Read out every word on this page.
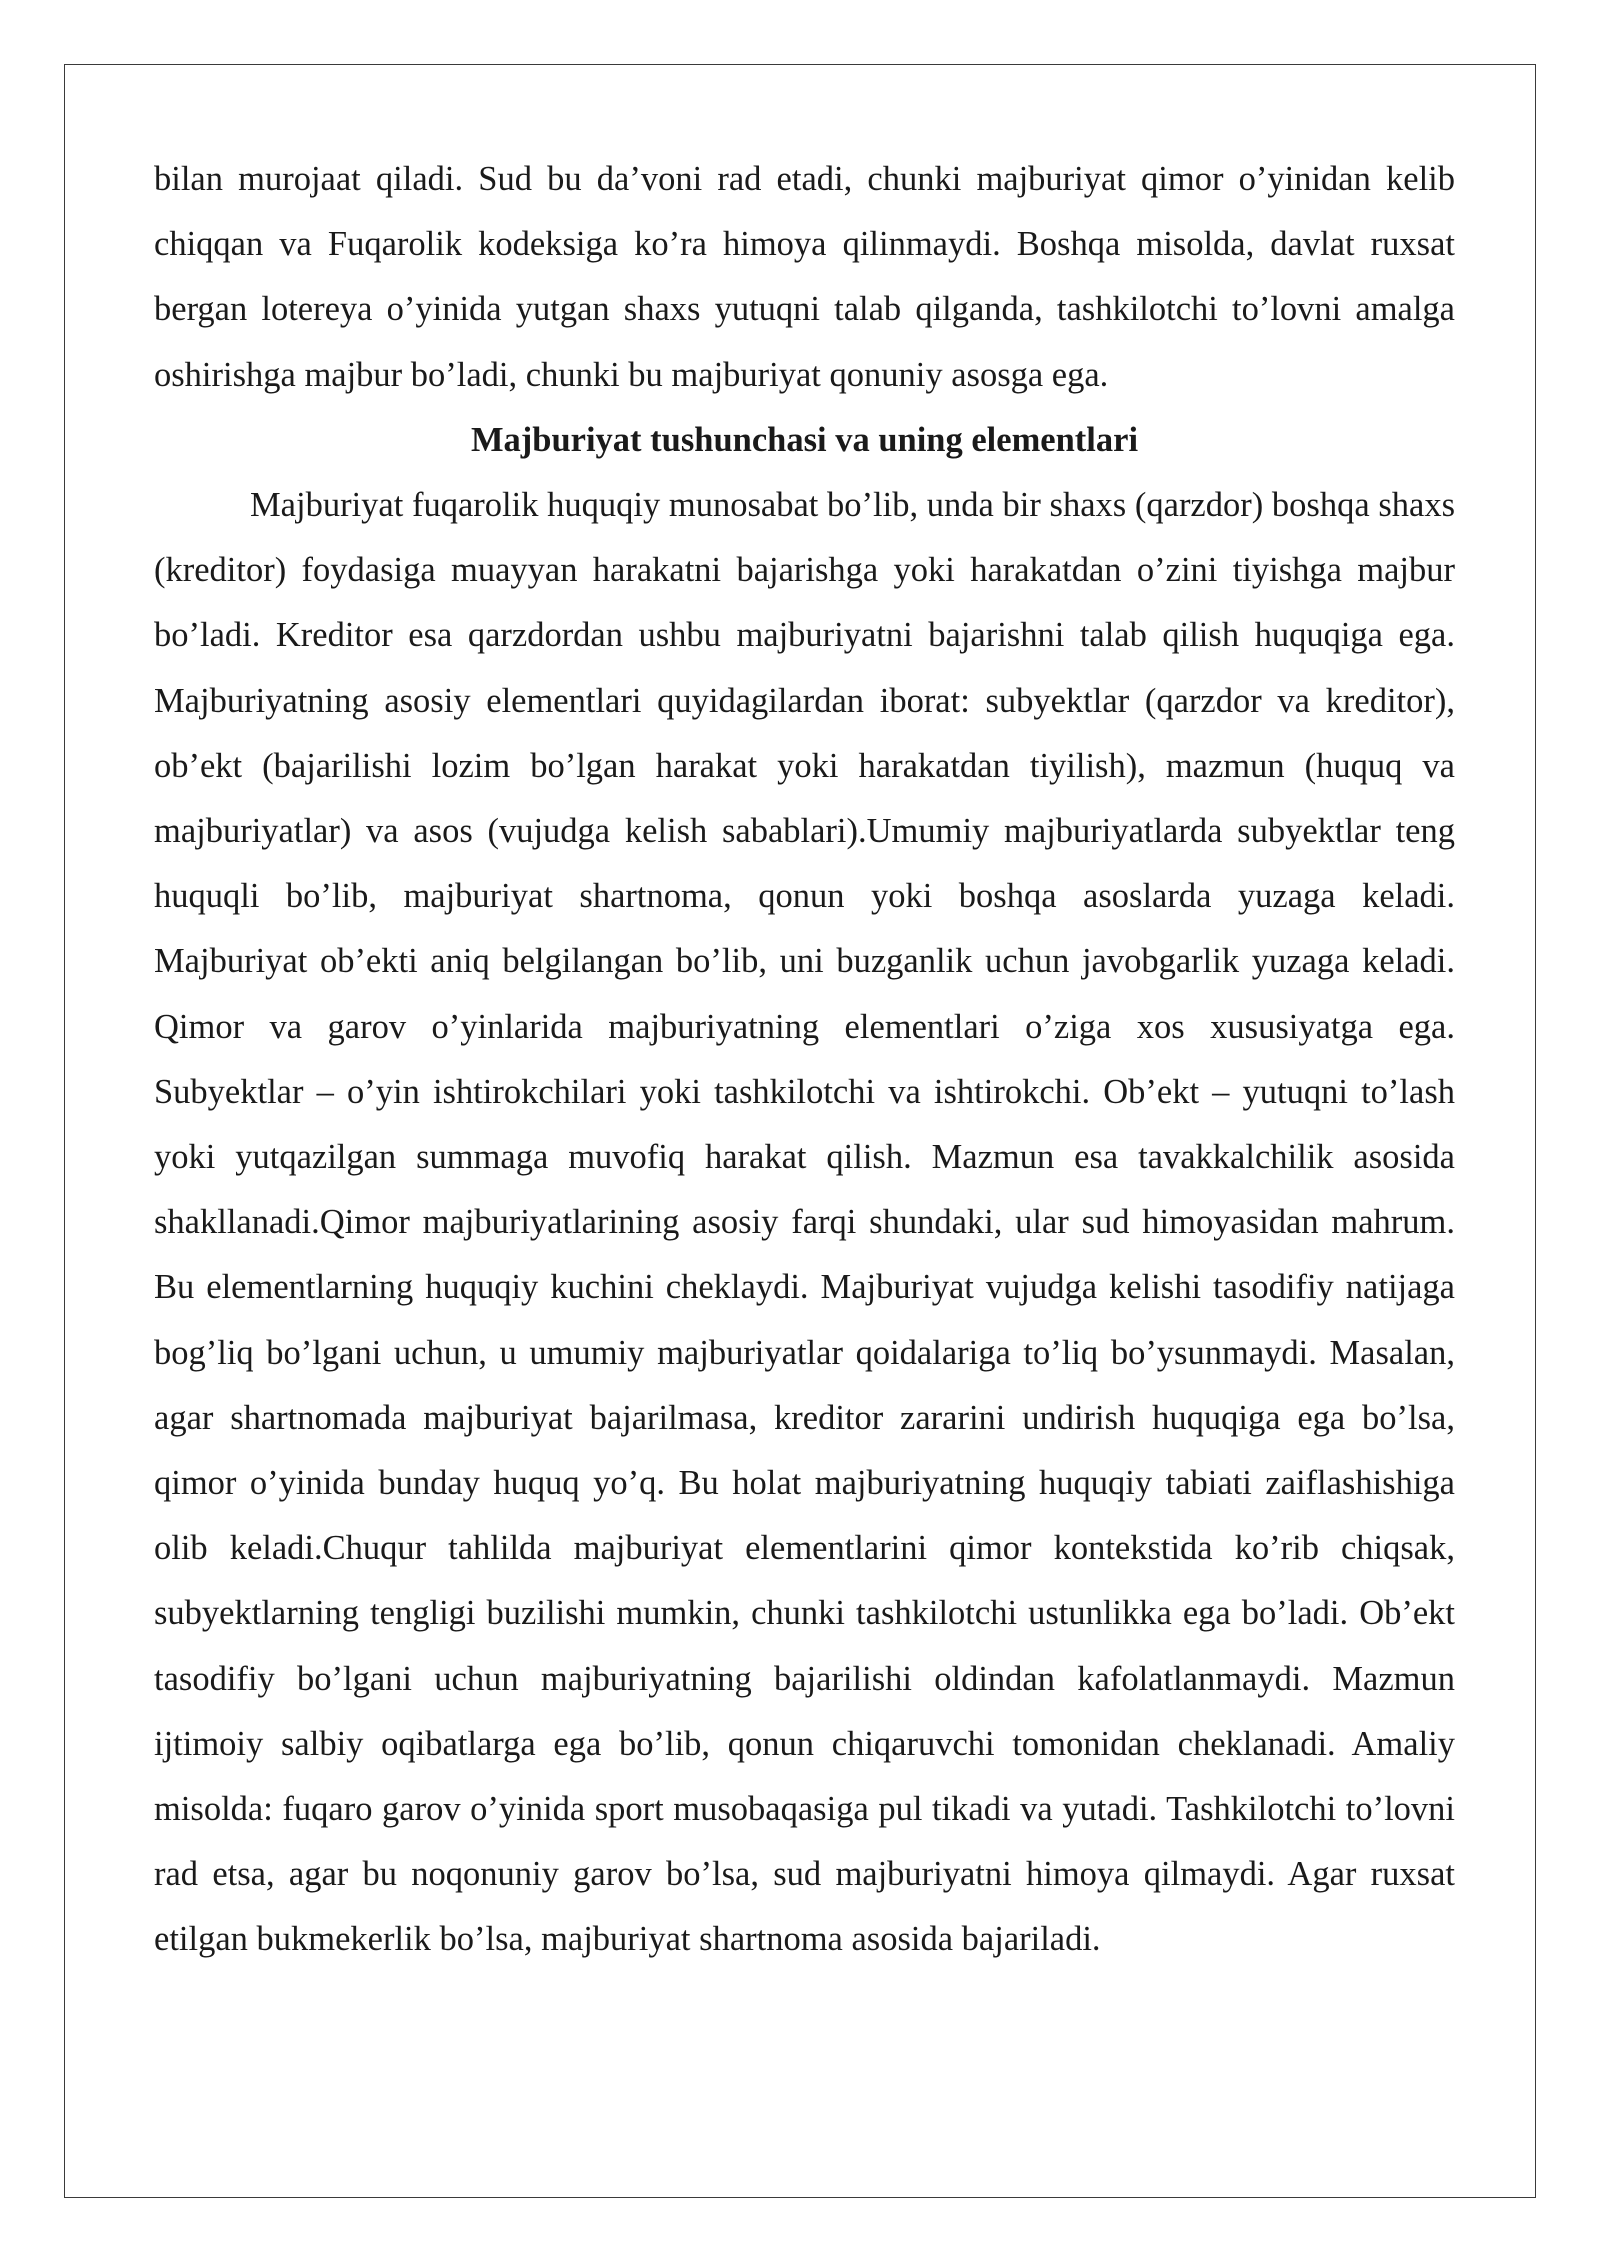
bilan murojaat qiladi. Sud bu da’voni rad etadi, chunki majburiyat qimor o’yinidan kelib chiqqan va Fuqarolik kodeksiga ko’ra himoya qilinmaydi. Boshqa misolda, davlat ruxsat bergan lotereya o’yinida yutgan shaxs yutuqni talab qilganda, tashkilotchi to’lovni amalga oshirishga majbur bo’ladi, chunki bu majburiyat qonuniy asosga ega.

Majburiyat tushunchasi va uning elementlari

Majburiyat fuqarolik huquqiy munosabat bo’lib, unda bir shaxs (qarzdor) boshqa shaxs (kreditor) foydasiga muayyan harakatni bajarishga yoki harakatdan o’zini tiyishga majbur bo’ladi. Kreditor esa qarzdordan ushbu majburiyatni bajarishni talab qilish huquqiga ega. Majburiyatning asosiy elementlari quyidagilardan iborat: subyektlar (qarzdor va kreditor), ob’ekt (bajarilishi lozim bo’lgan harakat yoki harakatdan tiyilish), mazmun (huquq va majburiyatlar) va asos (vujudga kelish sabablari).Umumiy majburiyatlarda subyektlar teng huquqli bo’lib, majburiyat shartnoma, qonun yoki boshqa asoslarda yuzaga keladi. Majburiyat ob’ekti aniq belgilangan bo’lib, uni buzganlik uchun javobgarlik yuzaga keladi. Qimor va garov o’yinlarida majburiyatning elementlari o’ziga xos xususiyatga ega. Subyektlar – o’yin ishtirokchilari yoki tashkilotchi va ishtirokchi. Ob’ekt – yutuqni to’lash yoki yutqazilgan summaga muvofiq harakat qilish. Mazmun esa tavakkalchilik asosida shakllanadi.Qimor majburiyatlarining asosiy farqi shundaki, ular sud himoyasidan mahrum. Bu elementlarning huquqiy kuchini cheklaydi. Majburiyat vujudga kelishi tasodifiy natijaga bog’liq bo’lgani uchun, u umumiy majburiyatlar qoidalariga to’liq bo’ysunmaydi. Masalan, agar shartnomada majburiyat bajarilmasa, kreditor zararini undirish huquqiga ega bo’lsa, qimor o’yinida bunday huquq yo’q. Bu holat majburiyatning huquqiy tabiati zaiflashishiga olib keladi.Chuqur tahlilda majburiyat elementlarini qimor kontekstida ko’rib chiqsak, subyektlarning tengligi buzilishi mumkin, chunki tashkilotchi ustunlikka ega bo’ladi. Ob’ekt tasodifiy bo’lgani uchun majburiyatning bajarilishi oldindan kafolatlanmaydi. Mazmun ijtimoiy salbiy oqibatlarga ega bo’lib, qonun chiqaruvchi tomonidan cheklanadi. Amaliy misolda: fuqaro garov o’yinida sport musobaqasiga pul tikadi va yutadi. Tashkilotchi to’lovni rad etsa, agar bu noqonuniy garov bo’lsa, sud majburiyatni himoya qilmaydi. Agar ruxsat etilgan bukmekerlik bo’lsa, majburiyat shartnoma asosida bajariladi.
